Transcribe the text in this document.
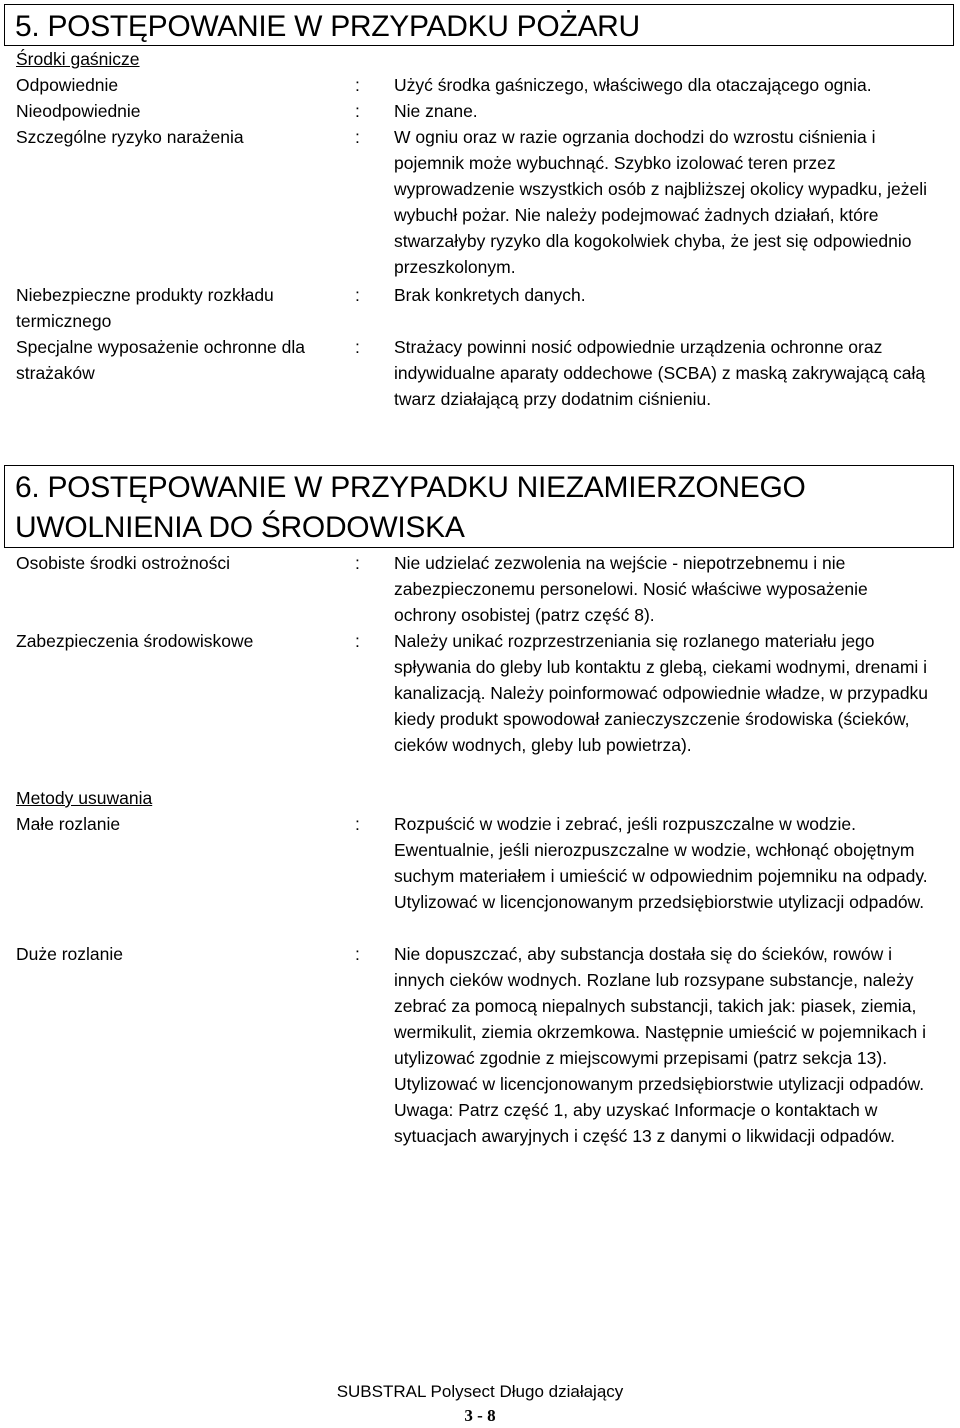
5. POSTĘPOWANIE W PRZYPADKU POŻARU
Środki gaśnicze
Odpowiednie	: Użyć środka gaśniczego, właściwego dla otaczającego ognia.
Nieodpowiednie	: Nie znane.
Szczególne ryzyko narażenia	: W ogniu oraz w razie ogrzania dochodzi do wzrostu ciśnienia i pojemnik może wybuchnąć. Szybko izolować teren przez wyprowadzenie wszystkich osób z najbliższej okolicy wypadku, jeżeli wybuchł pożar. Nie należy podejmować żadnych działań, które stwarzałyby ryzyko dla kogokolwiek chyba, że jest się odpowiednio przeszkolonym.
Niebezpieczne produkty rozkładu termicznego
: Brak konkretych danych.
Specjalne wyposażenie ochronne dla strażaków
: Strażacy powinni nosić odpowiednie urządzenia ochronne oraz indywidualne aparaty oddechowe (SCBA) z maską zakrywającą całą twarz działającą przy dodatnim ciśnieniu.
6. POSTĘPOWANIE W PRZYPADKU NIEZAMIERZONEGO UWOLNIENIA DO ŚRODOWISKA
Osobiste środki ostrożności	: Nie udzielać zezwolenia na wejście - niepotrzebnemu i nie zabezpieczonemu personelowi. Nosić właściwe wyposażenie ochrony osobistej (patrz część 8).
Zabezpieczenia środowiskowe	: Należy unikać rozprzestrzeniania się rozlanego materiału jego spływania do gleby lub kontaktu z glebą, ciekami wodnymi, drenami i kanalizacją. Należy poinformować odpowiednie władze, w przypadku kiedy produkt spowodował zanieczyszczenie środowiska (ścieków, cieków wodnych, gleby lub powietrza).
Metody usuwania
Małe rozlanie	: Rozpuścić w wodzie i zebrać, jeśli rozpuszczalne w wodzie. Ewentualnie, jeśli nierozpuszczalne w wodzie, wchłonąć obojętnym suchym materiałem i umieścić w odpowiednim pojemniku na odpady. Utylizować w licencjonowanym przedsiębiorstwie utylizacji odpadów.
Duże rozlanie	: Nie dopuszczać, aby substancja dostała się do ścieków, rowów i innych cieków wodnych. Rozlane lub rozsypane substancje, należy zebrać za pomocą niepalnych substancji, takich jak: piasek, ziemia, wermikulit, ziemia okrzemkowa. Następnie umieścić w pojemnikach i utylizować zgodnie z miejscowymi przepisami (patrz sekcja 13). Utylizować w licencjonowanym przedsiębiorstwie utylizacji odpadów. Uwaga: Patrz część 1, aby uzyskać Informacje o kontaktach w sytuacjach awaryjnych i część 13 z danymi o likwidacji odpadów.
SUBSTRAL Polysect Długo działający
3 - 8
